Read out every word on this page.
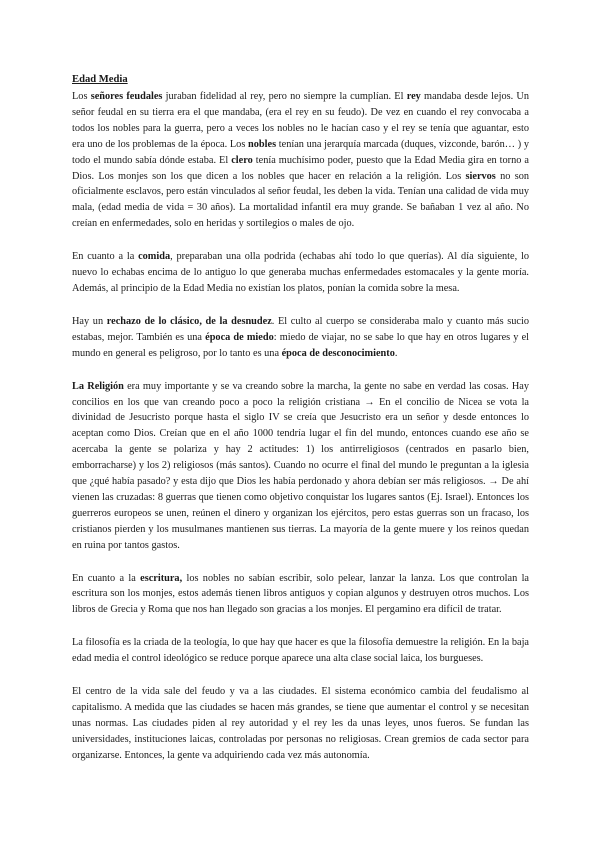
Edad Media

Los señores feudales juraban fidelidad al rey, pero no siempre la cumplían. El rey mandaba desde lejos. Un señor feudal en su tierra era el que mandaba, (era el rey en su feudo). De vez en cuando el rey convocaba a todos los nobles para la guerra, pero a veces los nobles no le hacían caso y el rey se tenía que aguantar, esto era uno de los problemas de la época. Los nobles tenían una jerarquía marcada (duques, vizconde, barón… ) y todo el mundo sabía dónde estaba. El clero tenía muchísimo poder, puesto que la Edad Media gira en torno a Dios. Los monjes son los que dicen a los nobles que hacer en relación a la religión. Los siervos no son oficialmente esclavos, pero están vinculados al señor feudal, les deben la vida. Tenían una calidad de vida muy mala, (edad media de vida = 30 años). La mortalidad infantil era muy grande. Se bañaban 1 vez al año. No creían en enfermedades, solo en heridas y sortilegios o males de ojo.

En cuanto a la comida, preparaban una olla podrida (echabas ahí todo lo que querías). Al día siguiente, lo nuevo lo echabas encima de lo antiguo lo que generaba muchas enfermedades estomacales y la gente moría. Además, al principio de la Edad Media no existían los platos, ponían la comida sobre la mesa.

Hay un rechazo de lo clásico, de la desnudez. El culto al cuerpo se consideraba malo y cuanto más sucio estabas, mejor. También es una época de miedo: miedo de viajar, no se sabe lo que hay en otros lugares y el mundo en general es peligroso, por lo tanto es una época de desconocimiento.

La Religión era muy importante y se va creando sobre la marcha, la gente no sabe en verdad las cosas. Hay concilios en los que van creando poco a poco la religión cristiana → En el concilio de Nicea se vota la divinidad de Jesucristo porque hasta el siglo IV se creía que Jesucristo era un señor y desde entonces lo aceptan como Dios. Creían que en el año 1000 tendría lugar el fin del mundo, entonces cuando ese año se acercaba la gente se polariza y hay 2 actitudes: 1) los antirreligiosos (centrados en pasarlo bien, emborracharse) y los 2) religiosos (más santos). Cuando no ocurre el final del mundo le preguntan a la iglesia que ¿qué había pasado? y esta dijo que Dios les había perdonado y ahora debían ser más religiosos. → De ahí vienen las cruzadas: 8 guerras que tienen como objetivo conquistar los lugares santos (Ej. Israel). Entonces los guerreros europeos se unen, reúnen el dinero y organizan los ejércitos, pero estas guerras son un fracaso, los cristianos pierden y los musulmanes mantienen sus tierras. La mayoría de la gente muere y los reinos quedan en ruina por tantos gastos.

En cuanto a la escritura, los nobles no sabían escribir, solo pelear, lanzar la lanza. Los que controlan la escritura son los monjes, estos además tienen libros antiguos y copian algunos y destruyen otros muchos. Los libros de Grecia y Roma que nos han llegado son gracias a los monjes. El pergamino era difícil de tratar.

La filosofía es la criada de la teología, lo que hay que hacer es que la filosofía demuestre la religión. En la baja edad media el control ideológico se reduce porque aparece una alta clase social laica, los burgueses.

El centro de la vida sale del feudo y va a las ciudades. El sistema económico cambia del feudalismo al capitalismo. A medida que las ciudades se hacen más grandes, se tiene que aumentar el control y se necesitan unas normas. Las ciudades piden al rey autoridad y el rey les da unas leyes, unos fueros. Se fundan las universidades, instituciones laicas, controladas por personas no religiosas. Crean gremios de cada sector para organizarse. Entonces, la gente va adquiriendo cada vez más autonomía.
